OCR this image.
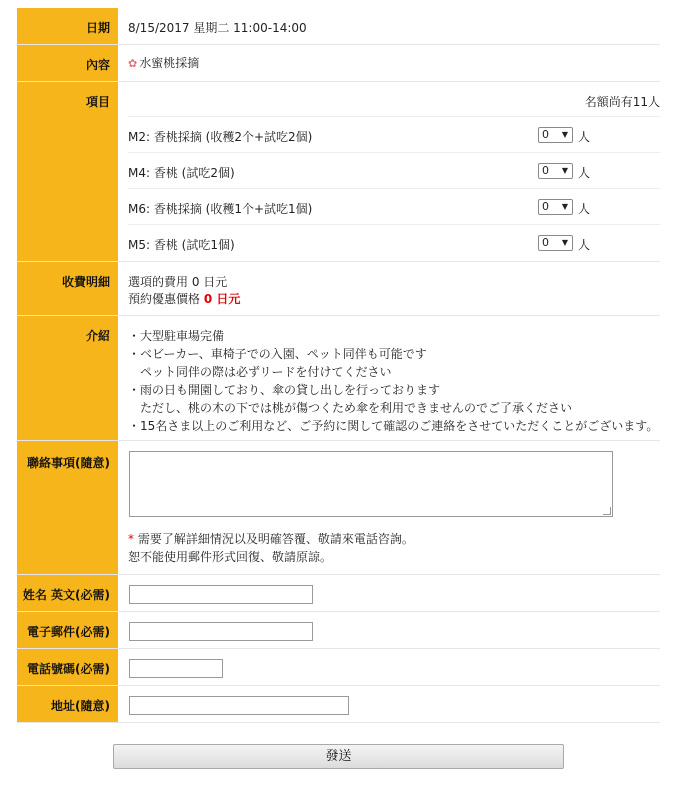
日期 8/15/2017 星期二 11:00-14:00
內容 ✿ 水蜜桃採摘
項目	名額尚有11人
M2: 香桃採摘 (收穫2个+試吃2個)	0 ▼ 人
M4: 香桃 (試吃2個)	0 ▼ 人
M6: 香桃採摘 (收穫1个+試吃1個)	0 ▼ 人
M5: 香桃 (試吃1個)	0 ▼ 人
收費明細 選項的費用 0 日元
預約優惠價格 0 日元
介紹 ・大型駐車場完備
・ベビーカー、車椅子での入園、ペット同伴も可能です
　ペット同伴の際は必ずリードを付けてください
・雨の日も開園しており、傘の貸し出しを行っております
　ただし、桃の木の下では桃が傷つくため傘を利用できませんのでご了承ください
・15名さま以上のご利用など、ご予約に関して確認のご連絡をさせていただくことがございます。
聯絡事項(隨意)
* 需要了解詳細情況以及明確答覆、敬請來電話咨詢。
恕不能使用郵件形式回復、敬請原諒。
姓名 英文(必需)
電子郵件(必需)
電話號碼(必需)
地址(隨意)
發送
